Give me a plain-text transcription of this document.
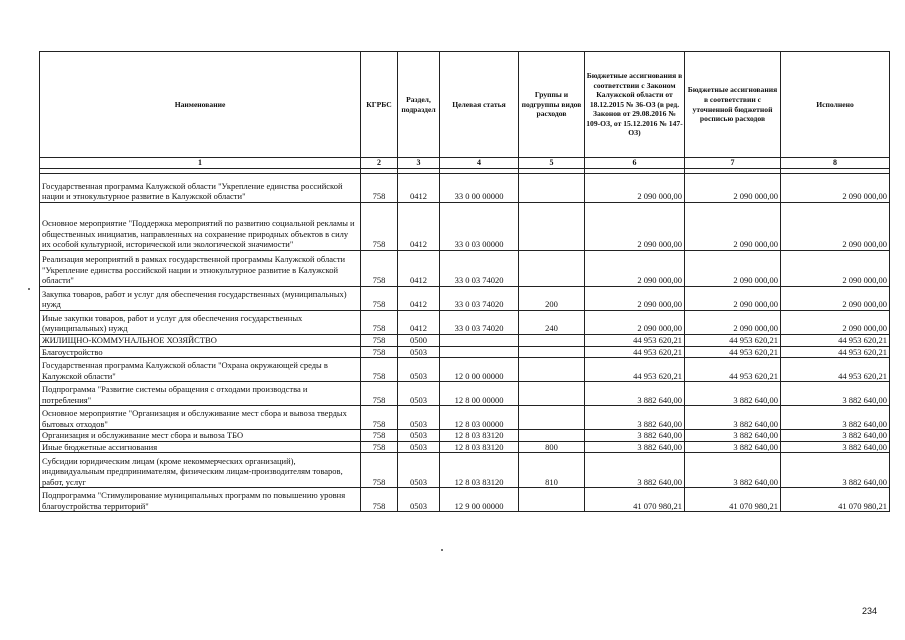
Наименование	КГРБС	Раздел, подраздел	Целевая статья	Группы и подгруппы видов расходов	Бюджетные ассигнования в соответствии с Законом Калужской области от 18.12.2015 № 36-ОЗ (в ред. Законов от 29.08.2016 № 109-ОЗ, от 15.12.2016 № 147-ОЗ)	Бюджетные ассигнования в соответствии с уточненной бюджетной росписью расходов	Исполнено
1	2	3	4	5	6	7	8

Государственная программа Калужской области "Укрепление единства российской нации и этнокультурное развитие в Калужской области"	758	0412	33 0 00 00000		2 090 000,00	2 090 000,00	2 090 000,00
Основное мероприятие "Поддержка мероприятий по развитию социальной рекламы и общественных инициатив, направленных на сохранение природных объектов в силу их особой культурной, исторической или экологической значимости"	758	0412	33 0 03 00000		2 090 000,00	2 090 000,00	2 090 000,00
Реализация мероприятий в рамках государственной программы Калужской области "Укрепление единства российской нации и этнокультурное развитие в Калужской области"	758	0412	33 0 03 74020		2 090 000,00	2 090 000,00	2 090 000,00
Закупка товаров, работ и услуг для обеспечения государственных (муниципальных) нужд	758	0412	33 0 03 74020	200	2 090 000,00	2 090 000,00	2 090 000,00
Иные закупки товаров, работ и услуг для обеспечения государственных (муниципальных) нужд	758	0412	33 0 03 74020	240	2 090 000,00	2 090 000,00	2 090 000,00
ЖИЛИЩНО-КОММУНАЛЬНОЕ ХОЗЯЙСТВО	758	0500			44 953 620,21	44 953 620,21	44 953 620,21
Благоустройство	758	0503			44 953 620,21	44 953 620,21	44 953 620,21
Государственная программа Калужской области "Охрана окружающей среды в Калужской области"	758	0503	12 0 00 00000		44 953 620,21	44 953 620,21	44 953 620,21
Подпрограмма "Развитие системы обращения с отходами производства и потребления"	758	0503	12 8 00 00000		3 882 640,00	3 882 640,00	3 882 640,00
Основное мероприятие "Организация и обслуживание мест сбора и вывоза твердых бытовых отходов"	758	0503	12 8 03 00000		3 882 640,00	3 882 640,00	3 882 640,00
Организация и обслуживание мест сбора и вывоза ТБО	758	0503	12 8 03 83120		3 882 640,00	3 882 640,00	3 882 640,00
Иные бюджетные ассигнования	758	0503	12 8 03 83120	800	3 882 640,00	3 882 640,00	3 882 640,00
Субсидии юридическим лицам (кроме некоммерческих организаций), индивидуальным предпринимателям, физическим лицам-производителям товаров, работ, услуг	758	0503	12 8 03 83120	810	3 882 640,00	3 882 640,00	3 882 640,00
Подпрограмма "Стимулирование муниципальных программ по повышению уровня благоустройства территорий"	758	0503	12 9 00 00000		41 070 980,21	41 070 980,21	41 070 980,21
234
